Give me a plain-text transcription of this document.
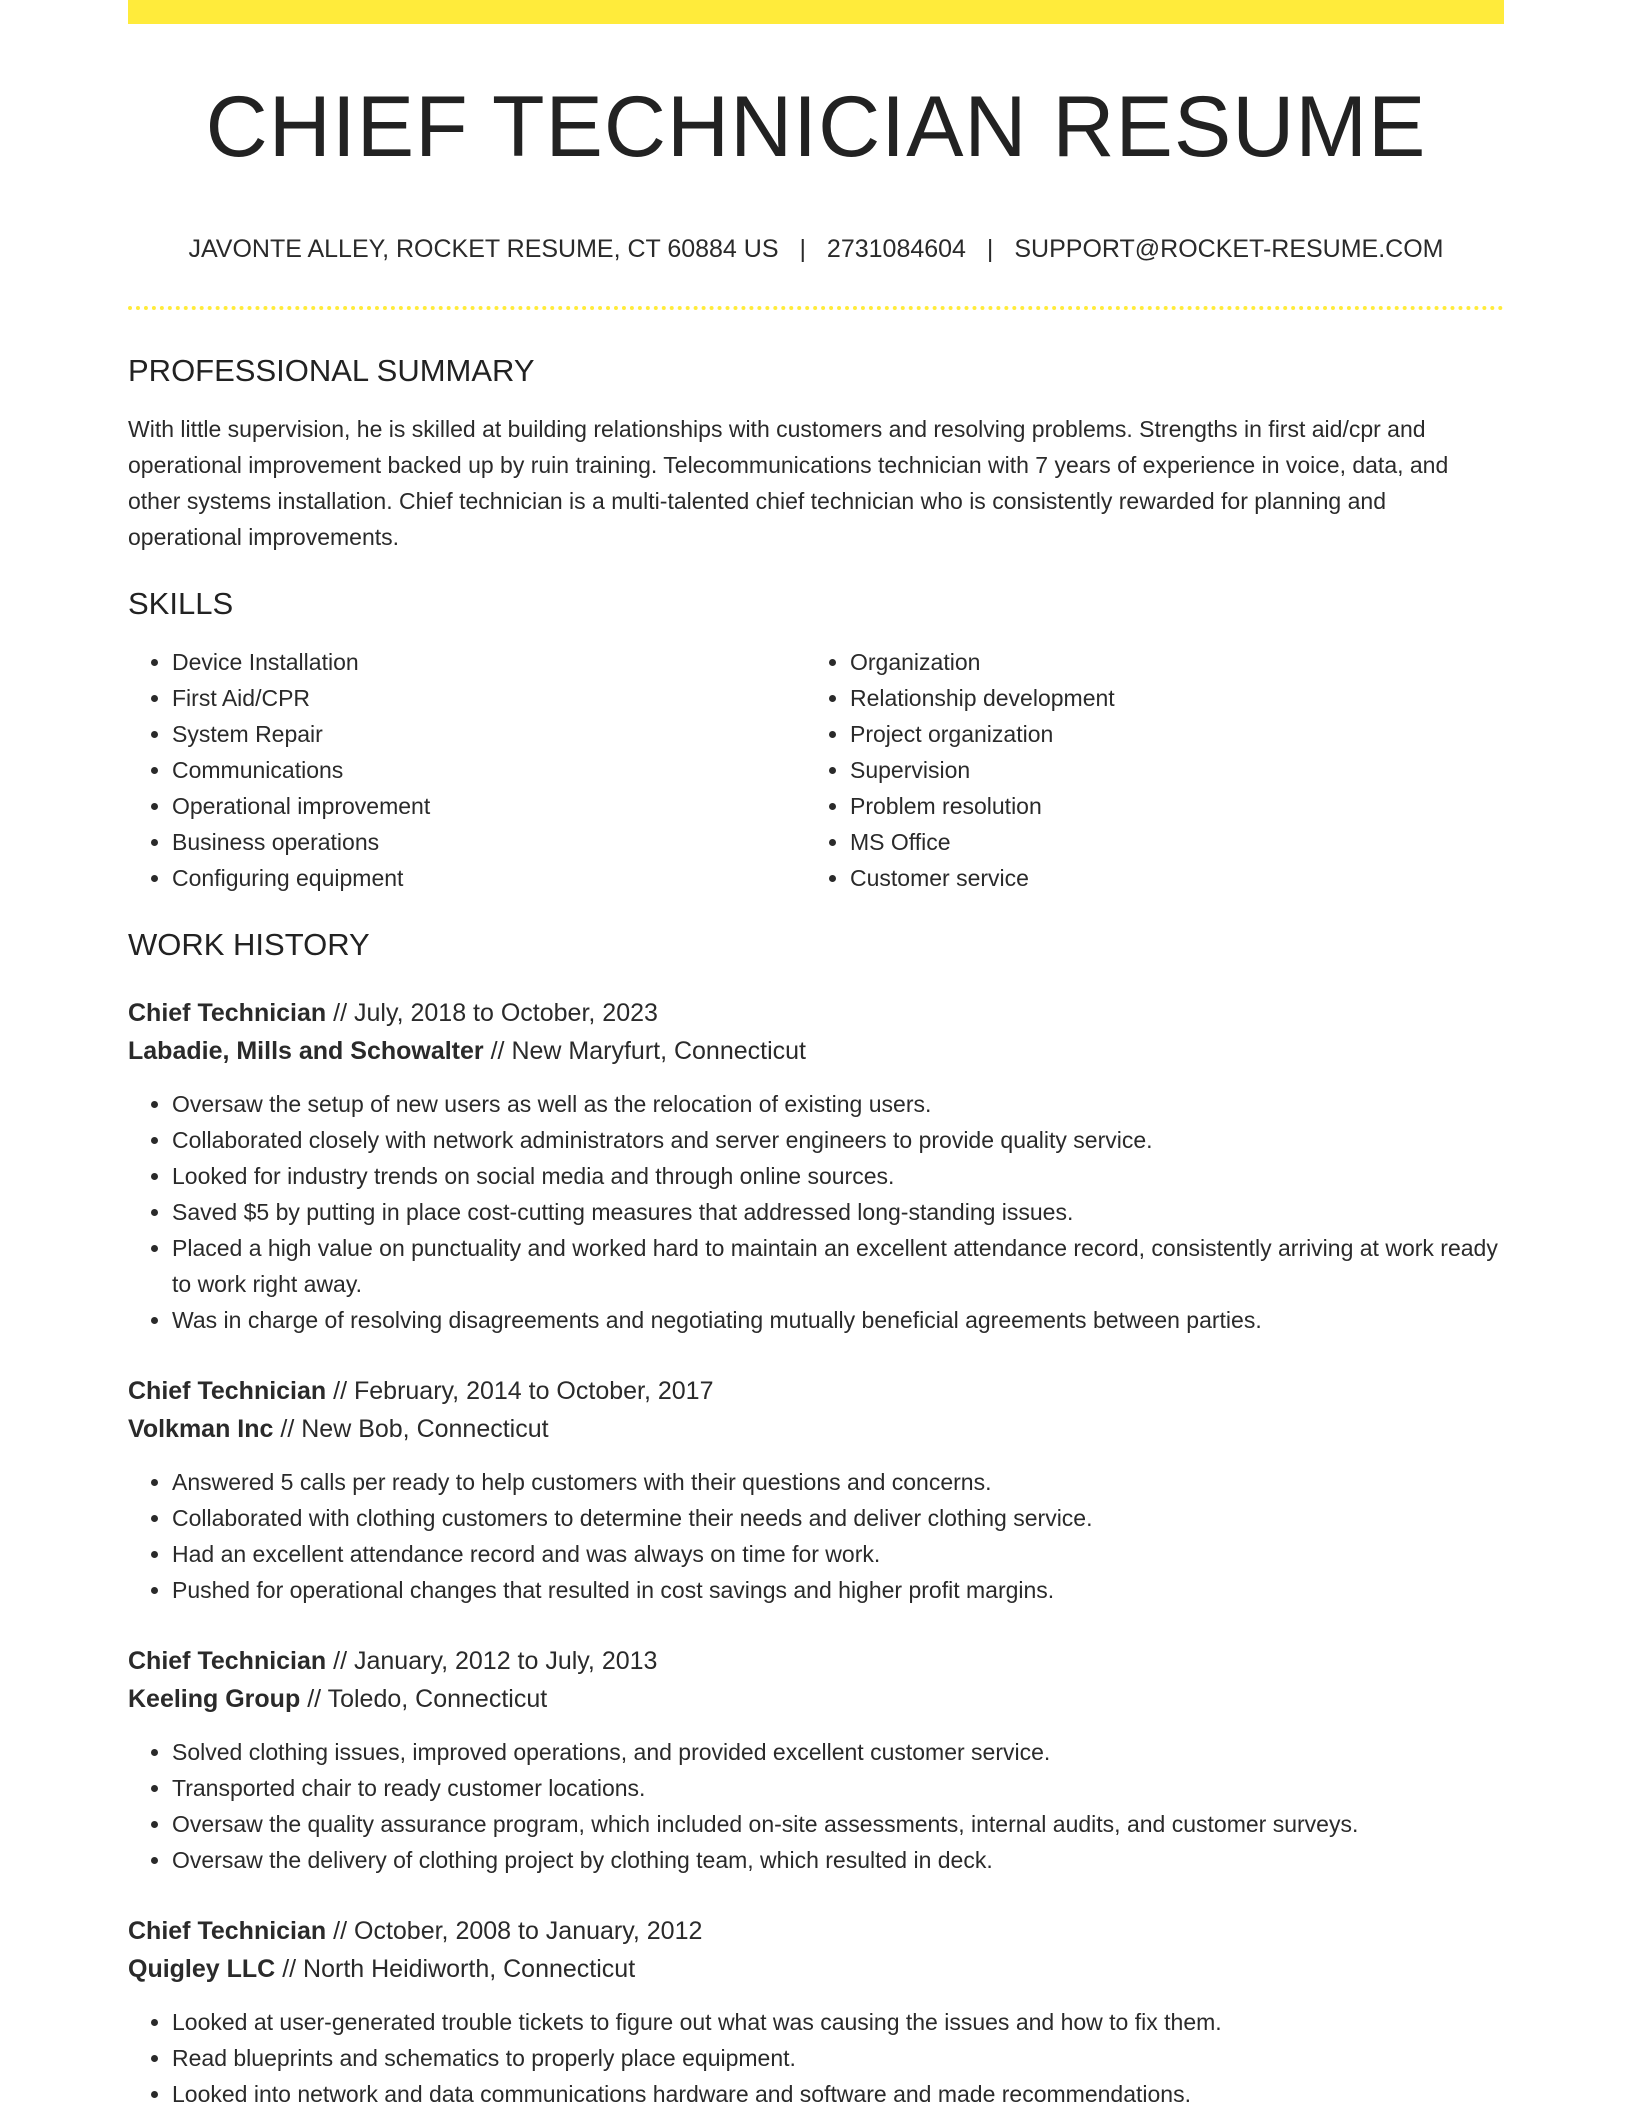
CHIEF TECHNICIAN RESUME
JAVONTE ALLEY, ROCKET RESUME, CT 60884 US | 2731084604 | SUPPORT@ROCKET-RESUME.COM
PROFESSIONAL SUMMARY

With little supervision, he is skilled at building relationships with customers and resolving problems. Strengths in first aid/cpr and operational improvement backed up by ruin training. Telecommunications technician with 7 years of experience in voice, data, and other systems installation. Chief technician is a multi-talented chief technician who is consistently rewarded for planning and operational improvements.

SKILLS
• Device Installation
• First Aid/CPR
• System Repair
• Communications
• Operational improvement
• Business operations
• Configuring equipment
• Organization
• Relationship development
• Project organization
• Supervision
• Problem resolution
• MS Office
• Customer service
WORK HISTORY
Chief Technician // July, 2018 to October, 2023
Labadie, Mills and Schowalter // New Maryfurt, Connecticut
• Oversaw the setup of new users as well as the relocation of existing users.
• Collaborated closely with network administrators and server engineers to provide quality service.
• Looked for industry trends on social media and through online sources.
• Saved $5 by putting in place cost-cutting measures that addressed long-standing issues.
• Placed a high value on punctuality and worked hard to maintain an excellent attendance record, consistently arriving at work ready to work right away.
• Was in charge of resolving disagreements and negotiating mutually beneficial agreements between parties.
Chief Technician // February, 2014 to October, 2017
Volkman Inc // New Bob, Connecticut
• Answered 5 calls per ready to help customers with their questions and concerns.
• Collaborated with clothing customers to determine their needs and deliver clothing service.
• Had an excellent attendance record and was always on time for work.
• Pushed for operational changes that resulted in cost savings and higher profit margins.
Chief Technician // January, 2012 to July, 2013
Keeling Group // Toledo, Connecticut
• Solved clothing issues, improved operations, and provided excellent customer service.
• Transported chair to ready customer locations.
• Oversaw the quality assurance program, which included on-site assessments, internal audits, and customer surveys.
• Oversaw the delivery of clothing project by clothing team, which resulted in deck.
Chief Technician // October, 2008 to January, 2012
Quigley LLC // North Heidiworth, Connecticut
• Looked at user-generated trouble tickets to figure out what was causing the issues and how to fix them.
• Read blueprints and schematics to properly place equipment.
• Looked into network and data communications hardware and software and made recommendations.
